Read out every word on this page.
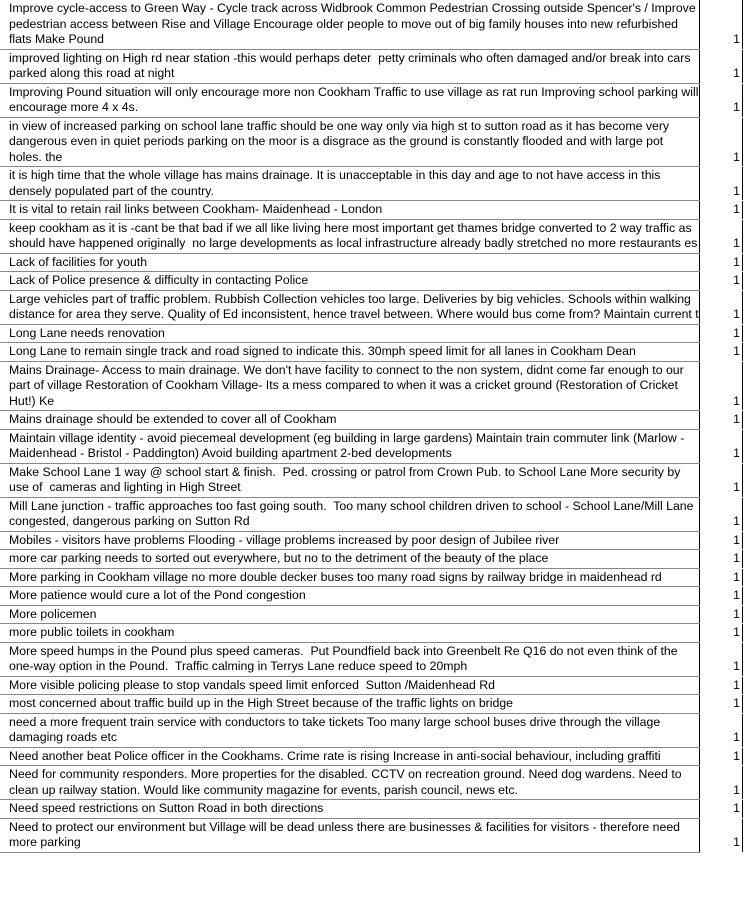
Improve cycle-access to Green Way - Cycle track across Widbrook Common Pedestrian Crossing outside Spencer's / Improve pedestrian access between Rise and Village Encourage older people to move out of big family houses into new refurbished flats Make Pound	1
improved lighting on High rd near station -this would perhaps deter  petty criminals who often damaged and/or break into cars parked along this road at night	1
Improving Pound situation will only encourage more non Cookham Traffic to use village as rat run Improving school parking will encourage more 4 x 4s.	1
in view of increased parking on school lane traffic should be one way only via high st to sutton road as it has become very dangerous even in quiet periods parking on the moor is a disgrace as the ground is constantly flooded and with large pot holes. the	1
it is high time that the whole village has mains drainage. It is unacceptable in this day and age to not have access in this densely populated part of the country.	1
It is vital to retain rail links between Cookham- Maidenhead - London	1
keep cookham as it is -cant be that bad if we all like living here most important get thames bridge converted to 2 way traffic as should have happened originally  no large developments as local infrastructure already badly stretched no more restaurants es	1
Lack of facilities for youth	1
Lack of Police presence & difficulty in contacting Police	1
Large vehicles part of traffic problem. Rubbish Collection vehicles too large. Deliveries by big vehicles. Schools within walking distance for area they serve. Quality of Ed inconsistent, hence travel between. Where would bus come from? Maintain current t	1
Long Lane needs renovation	1
Long Lane to remain single track and road signed to indicate this. 30mph speed limit for all lanes in Cookham Dean	1
Mains Drainage- Access to main drainage. We don't have facility to connect to the non system, didnt come far enough to our part of village Restoration of Cookham Village- Its a mess compared to when it was a cricket ground (Restoration of Cricket Hut!) Ke	1
Mains drainage should be extended to cover all of Cookham	1
Maintain village identity - avoid piecemeal development (eg building in large gardens) Maintain train commuter link (Marlow - Maidenhead - Bristol - Paddington) Avoid building apartment 2-bed developments	1
Make School Lane 1 way @ school start & finish.  Ped. crossing or patrol from Crown Pub. to School Lane More security by use of  cameras and lighting in High Street	1
Mill Lane junction - traffic approaches too fast going south.  Too many school children driven to school - School Lane/Mill Lane congested, dangerous parking on Sutton Rd	1
Mobiles - visitors have problems Flooding - village problems increased by poor design of Jubilee river	1
more car parking needs to sorted out everywhere, but no to the detriment of the beauty of the place	1
More parking in Cookham village no more double decker buses too many road signs by railway bridge in maidenhead rd	1
More patience would cure a lot of the Pond congestion	1
More policemen	1
more public toilets in cookham	1
More speed humps in the Pound plus speed cameras.  Put Poundfield back into Greenbelt Re Q16 do not even think of the one-way option in the Pound.  Traffic calming in Terrys Lane reduce speed to 20mph	1
More visible policing please to stop vandals speed limit enforced  Sutton /Maidenhead Rd	1
most concerned about traffic build up in the High Street because of the traffic lights on bridge	1
need a more frequent train service with conductors to take tickets Too many large school buses drive through the village damaging roads etc	1
Need another beat Police officer in the Cookhams. Crime rate is rising Increase in anti-social behaviour, including graffiti	1
Need for community responders. More properties for the disabled. CCTV on recreation ground. Need dog wardens. Need to clean up railway station. Would like community magazine for events, parish council, news etc.	1
Need speed restrictions on Sutton Road in both directions	1
Need to protect our environment but Village will be dead unless there are businesses & facilities for visitors - therefore need more parking	1
